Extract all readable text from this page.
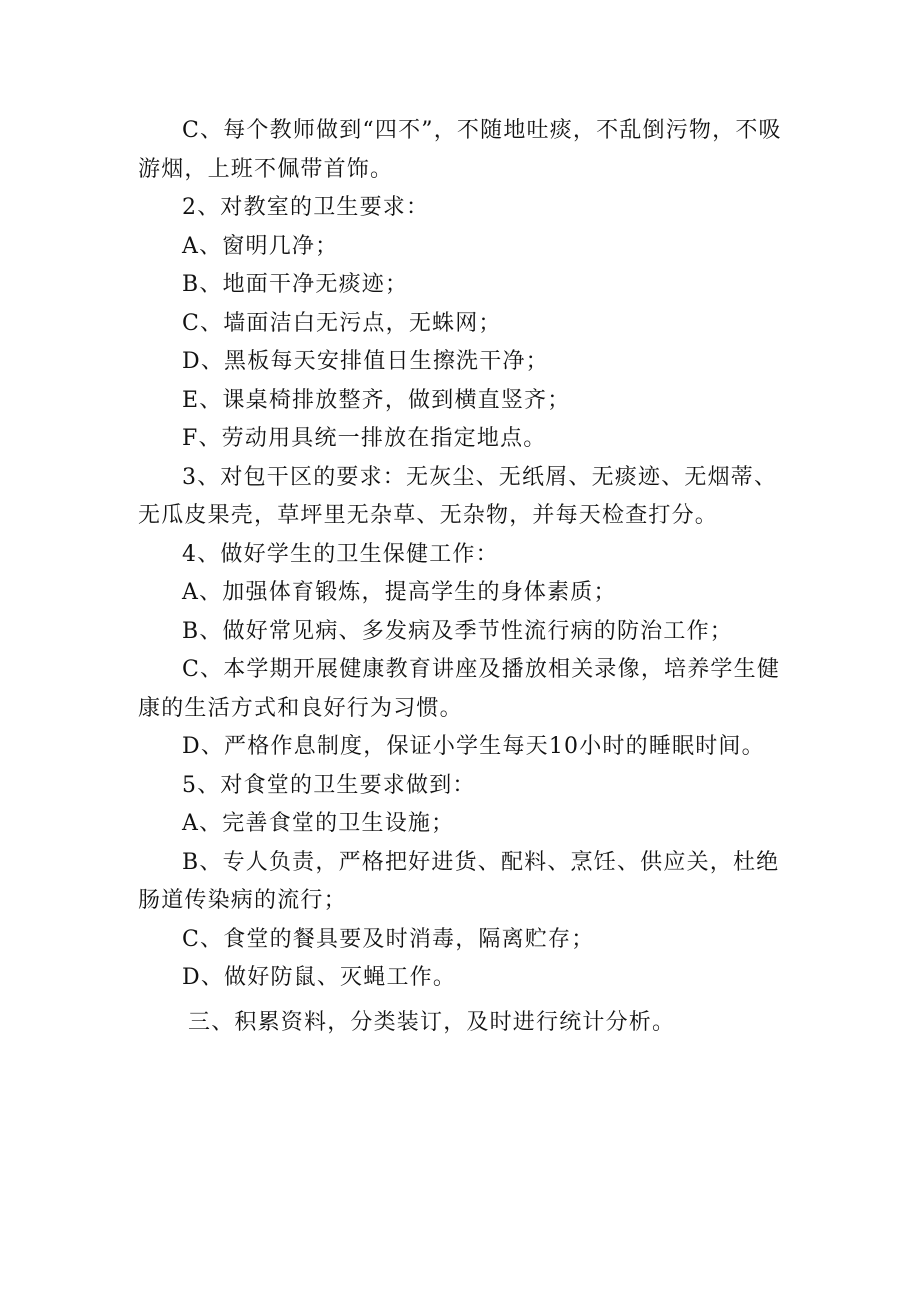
C、每个教师做到“四不”，不随地吐痰，不乱倒污物，不吸游烟，上班不佩带首饰。

2、对教室的卫生要求：

A、窗明几净；

B、地面干净无痰迹；

C、墙面洁白无污点，无蛛网；

D、黑板每天安排值日生擦洗干净；

E、课桌椅排放整齐，做到横直竖齐；

F、劳动用具统一排放在指定地点。

3、对包干区的要求：无灰尘、无纸屑、无痰迹、无烟蒂、无瓜皮果壳，草坪里无杂草、无杂物，并每天检查打分。

4、做好学生的卫生保健工作：

A、加强体育锻炼，提高学生的身体素质；

B、做好常见病、多发病及季节性流行病的防治工作；

C、本学期开展健康教育讲座及播放相关录像，培养学生健康的生活方式和良好行为习惯。

D、严格作息制度，保证小学生每天10小时的睡眠时间。

5、对食堂的卫生要求做到：

A、完善食堂的卫生设施；

B、专人负责，严格把好进货、配料、烹饪、供应关，杜绝肠道传染病的流行；

C、食堂的餐具要及时消毒，隔离贮存；

D、做好防鼠、灭蝇工作。

三、积累资料，分类装订，及时进行统计分析。
